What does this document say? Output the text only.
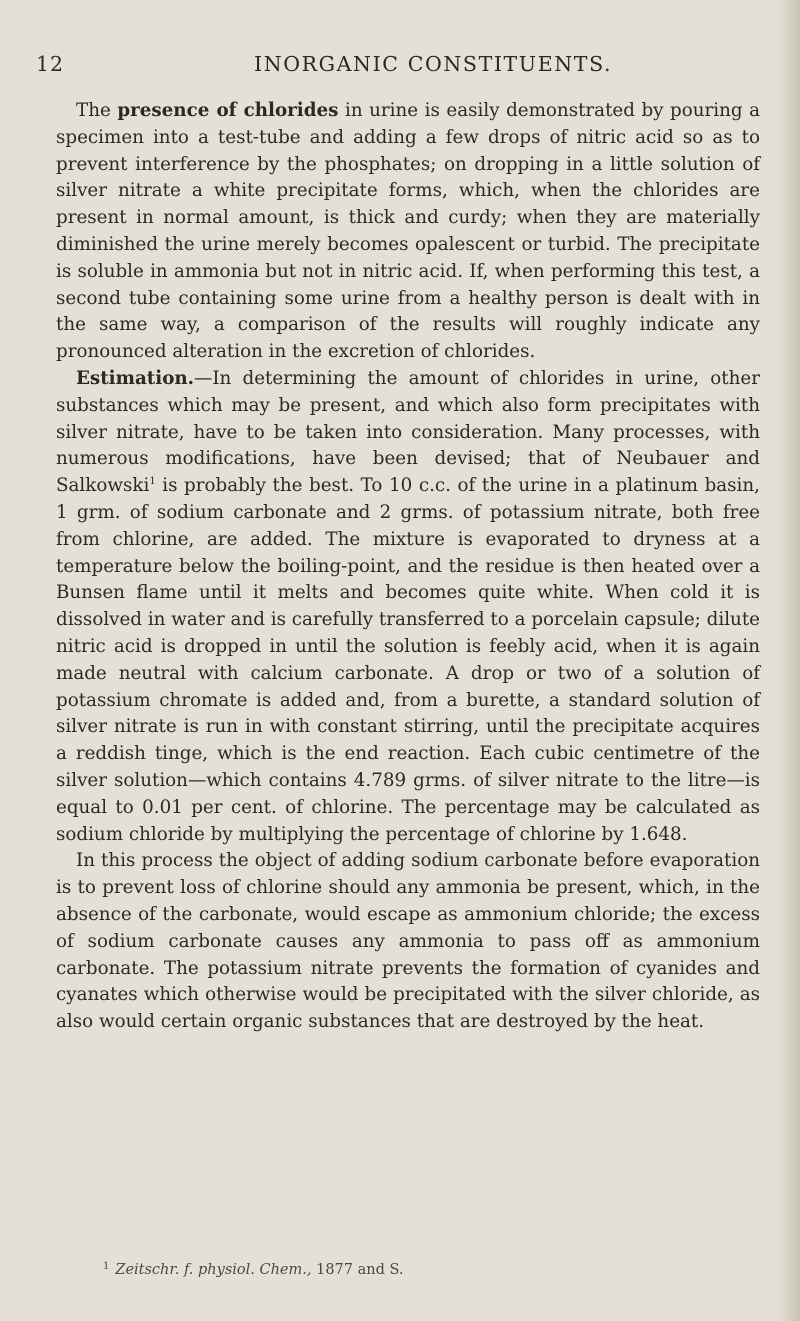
12	INORGANIC CONSTITUENTS.

The presence of chlorides in urine is easily demonstrated by pouring a specimen into a test-tube and adding a few drops of nitric acid so as to prevent interference by the phosphates; on dropping in a little solution of silver nitrate a white precipitate forms, which, when the chlorides are present in normal amount, is thick and curdy; when they are materially diminished the urine merely becomes opalescent or turbid. The precipitate is soluble in ammonia but not in nitric acid. If, when performing this test, a second tube containing some urine from a healthy person is dealt with in the same way, a comparison of the results will roughly indicate any pronounced alteration in the excretion of chlorides.

Estimation.—In determining the amount of chlorides in urine, other substances which may be present, and which also form precipitates with silver nitrate, have to be taken into consideration. Many processes, with numerous modifications, have been devised; that of Neubauer and Salkowski$^1$ is probably the best. To 10 c.c. of the urine in a platinum basin, 1 grm. of sodium carbonate and 2 grms. of potassium nitrate, both free from chlorine, are added. The mixture is evaporated to dryness at a temperature below the boiling-point, and the residue is then heated over a Bunsen flame until it melts and becomes quite white. When cold it is dissolved in water and is carefully transferred to a porcelain capsule; dilute nitric acid is dropped in until the solution is feebly acid, when it is again made neutral with calcium carbonate. A drop or two of a solution of potassium chromate is added and, from a burette, a standard solution of silver nitrate is run in with constant stirring, until the precipitate acquires a reddish tinge, which is the end reaction. Each cubic centimetre of the silver solution—which contains 4.789 grms. of silver nitrate to the litre—is equal to 0.01 per cent. of chlorine. The percentage may be calculated as sodium chloride by multiplying the percentage of chlorine by 1.648.

In this process the object of adding sodium carbonate before evaporation is to prevent loss of chlorine should any ammonia be present, which, in the absence of the carbonate, would escape as ammonium chloride; the excess of sodium carbonate causes any ammonia to pass off as ammonium carbonate. The potassium nitrate prevents the formation of cyanides and cyanates which otherwise would be precipitated with the silver chloride, as also would certain organic substances that are destroyed by the heat.

$^1$ Zeitschr. f. physiol. Chem., 1877 and S.
